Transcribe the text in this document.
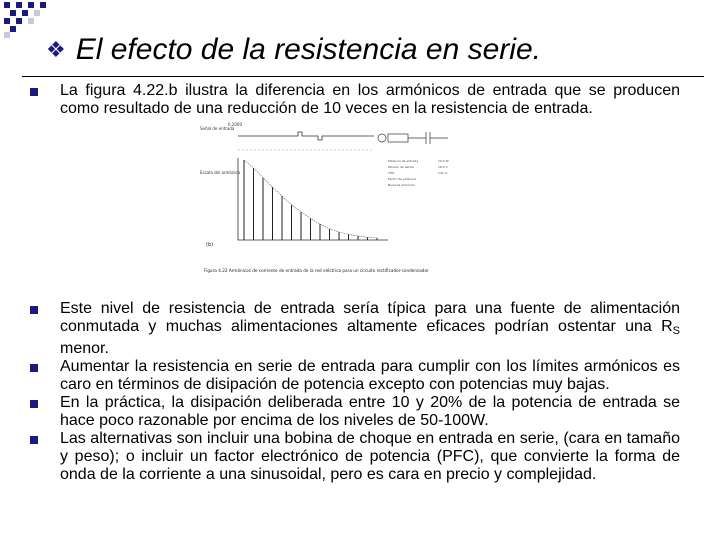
❖ El efecto de la resistencia en serie.
La figura 4.22.b ilustra la diferencia en los armónicos de entrada que se producen como resultado de una reducción de 10 veces en la resistencia de entrada.
Señal de entrada
Escala del armónico
0.2000
Potencia de entrada
Tensión de salida
THD
Factor de potencia
Nivel de armónico
10.0 W
18.0 V
141 %
(b)
Figura 4.22 Armónicos de corriente de entrada de la red eléctrica para un circuito rectificador-condensador
Este nivel de resistencia de entrada sería típica para una fuente de alimentación conmutada y muchas alimentaciones altamente eficaces podrían ostentar una $R_S$ menor.
Aumentar la resistencia en serie de entrada para cumplir con los límites armónicos es caro en términos de disipación de potencia excepto con potencias muy bajas.
En la práctica, la disipación deliberada entre 10 y 20% de la potencia de entrada se hace poco razonable por encima de los niveles de 50-100W.
Las alternativas son incluir una bobina de choque en entrada en serie, (cara en tamaño y peso); o incluir un factor electrónico de potencia (PFC), que convierte la forma de onda de la corriente a una sinusoidal, pero es cara en precio y complejidad.
